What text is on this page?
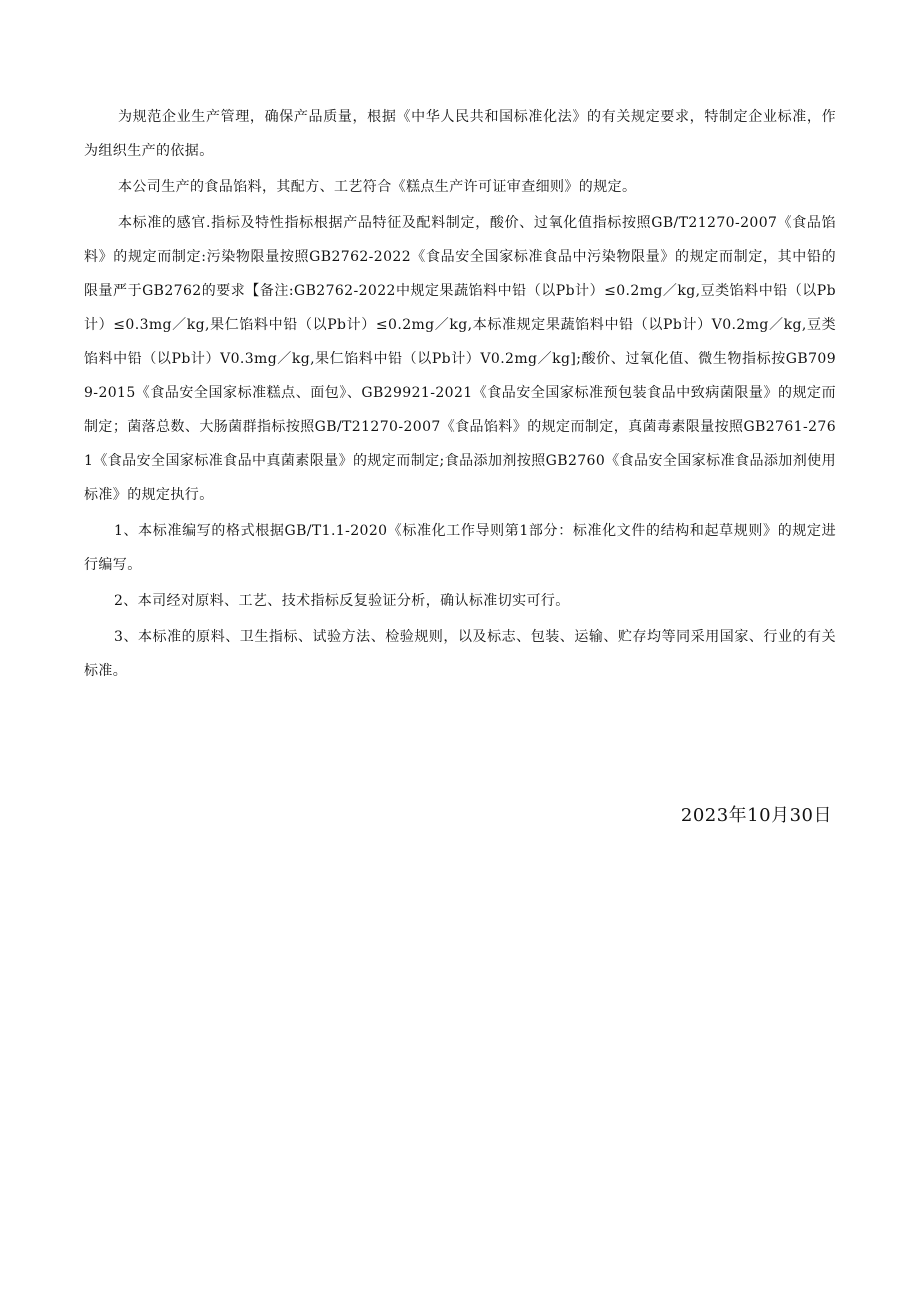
为规范企业生产管理，确保产品质量，根据《中华人民共和国标准化法》的有关规定要求，特制定企业标准，作为组织生产的依据。

本公司生产的食品馅料，其配方、工艺符合《糕点生产许可证审查细则》的规定。

本标准的感官.指标及特性指标根据产品特征及配料制定，酸价、过氧化值指标按照GB/T21270-2007《食品馅料》的规定而制定:污染物限量按照GB2762-2022《食品安全国家标准食品中污染物限量》的规定而制定，其中铅的限量严于GB2762的要求【备注:GB2762-2022中规定果蔬馅料中铅（以Pb计）≤0.2mg／kg,豆类馅料中铅（以Pb计）≤0.3mg／kg,果仁馅料中铅（以Pb计）≤0.2mg／kg,本标准规定果蔬馅料中铅（以Pb计）V0.2mg／kg,豆类馅料中铅（以Pb计）V0.3mg／kg,果仁馅料中铅（以Pb计）V0.2mg／kg];酸价、过氧化值、微生物指标按GB7099-2015《食品安全国家标准糕点、面包》、GB29921-2021《食品安全国家标准预包装食品中致病菌限量》的规定而制定；菌落总数、大肠菌群指标按照GB/T21270-2007《食品馅料》的规定而制定，真菌毒素限量按照GB2761-2761《食品安全国家标准食品中真菌素限量》的规定而制定;食品添加剂按照GB2760《食品安全国家标准食品添加剂使用标准》的规定执行。

1、本标准编写的格式根据GB/T1.1-2020《标准化工作导则第1部分：标准化文件的结构和起草规则》的规定进行编写。

2、本司经对原料、工艺、技术指标反复验证分析，确认标准切实可行。

3、本标准的原料、卫生指标、试验方法、检验规则，以及标志、包装、运输、贮存均等同采用国家、行业的有关标准。

2023年10月30日
